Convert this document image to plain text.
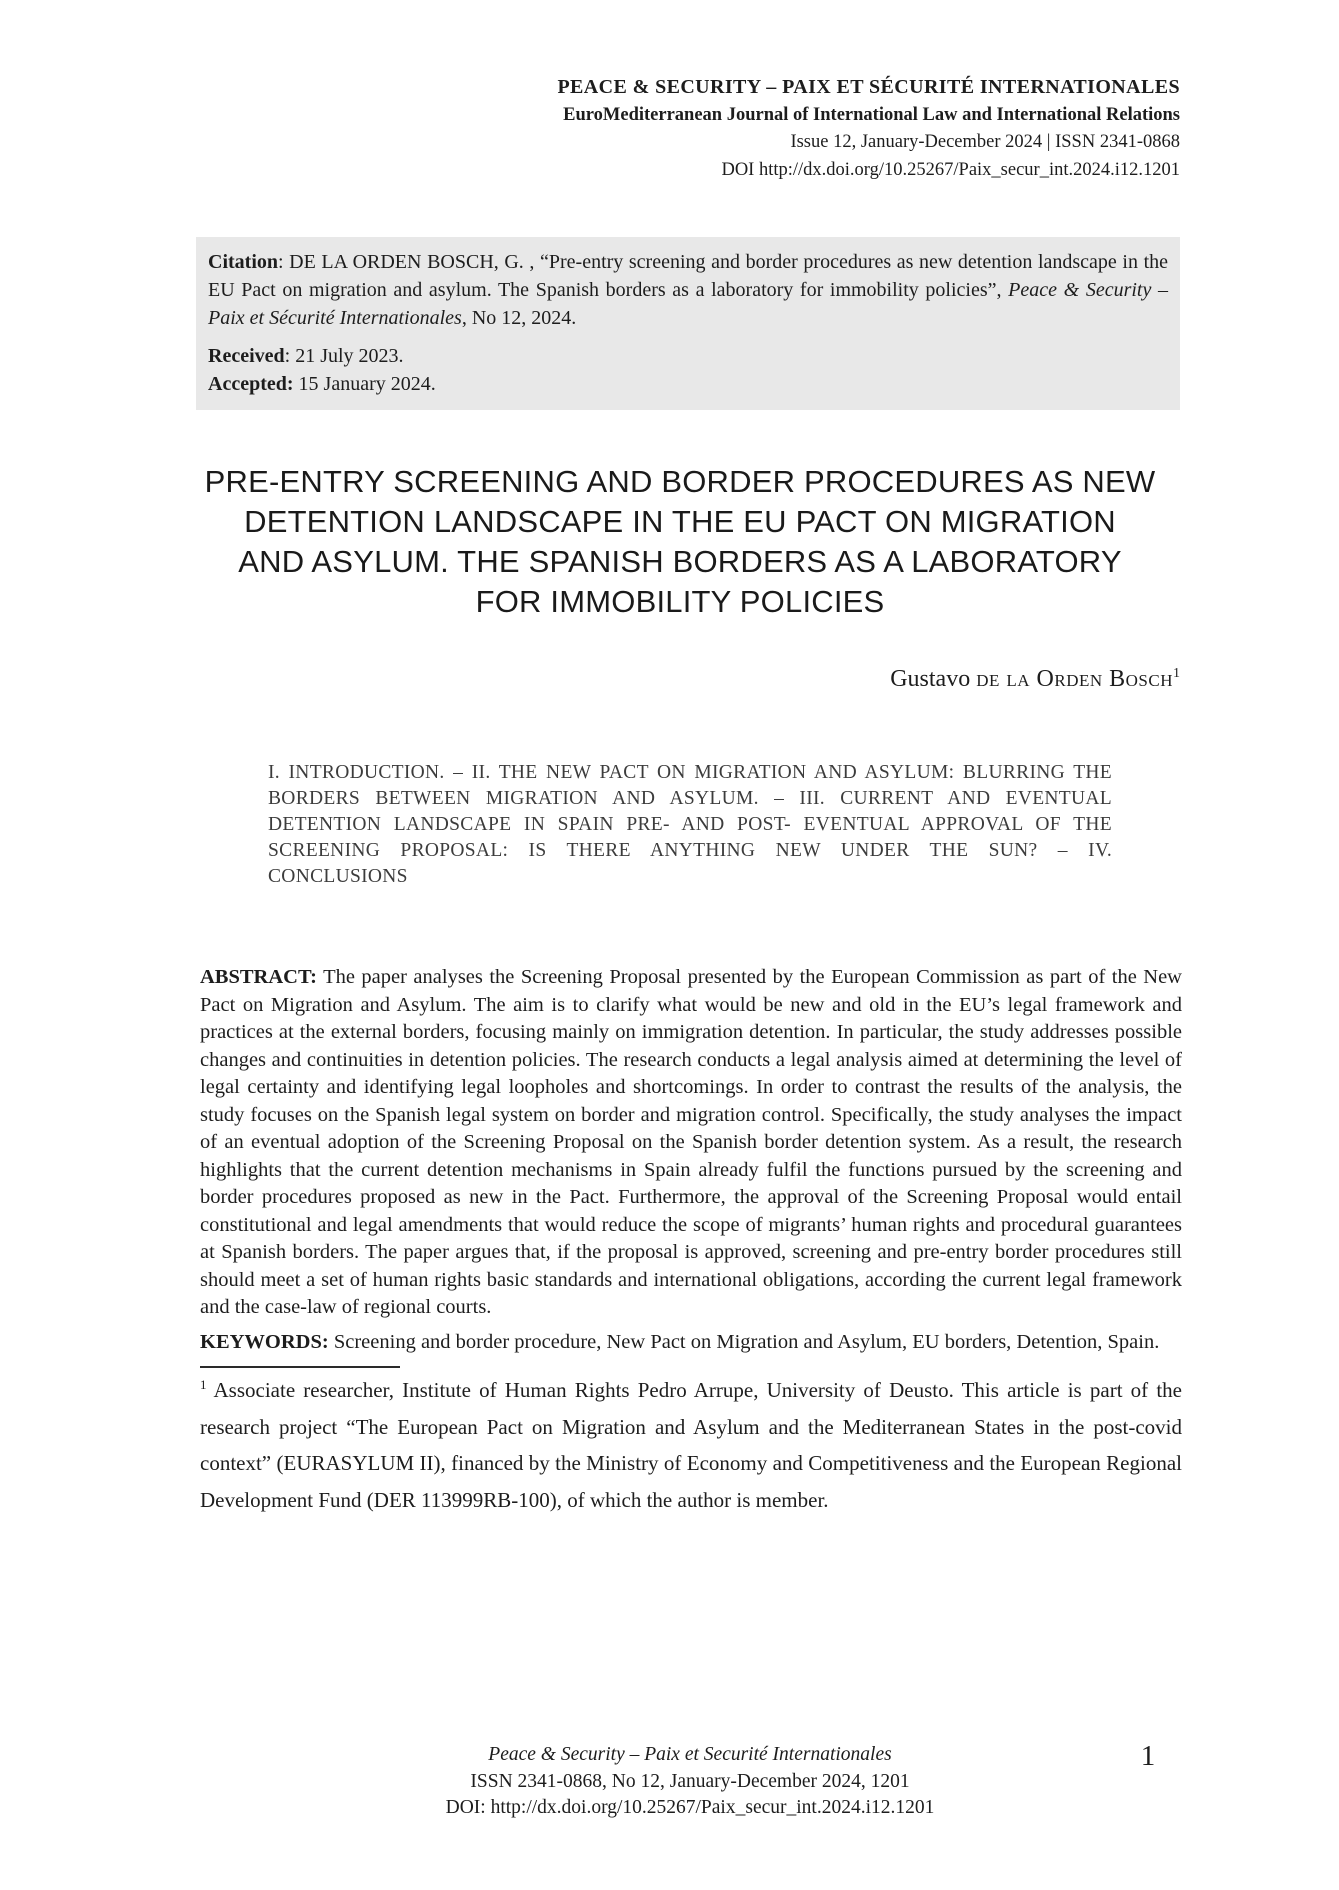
PEACE & SECURITY – PAIX ET SÉCURITÉ INTERNATIONALES
EuroMediterranean Journal of International Law and International Relations
Issue 12, January-December 2024 | ISSN 2341-0868
DOI http://dx.doi.org/10.25267/Paix_secur_int.2024.i12.1201

Citation: DE LA ORDEN BOSCH, G. , “Pre-entry screening and border procedures as new detention landscape in the EU Pact on migration and asylum. The Spanish borders as a laboratory for immobility policies”, Peace & Security – Paix et Sécurité Internationales, No 12, 2024.

Received: 21 July 2023.

Accepted: 15 January 2024.

PRE-ENTRY SCREENING AND BORDER PROCEDURES AS NEW
DETENTION LANDSCAPE IN THE EU PACT ON MIGRATION
AND ASYLUM. THE SPANISH BORDERS AS A LABORATORY
FOR IMMOBILITY POLICIES
Gustavo de la Orden Bosch$^1$

I. INTRODUCTION. – II. THE NEW PACT ON MIGRATION AND ASYLUM: BLURRING THE BORDERS BETWEEN MIGRATION AND ASYLUM. – III. CURRENT AND EVENTUAL DETENTION LANDSCAPE IN SPAIN PRE- AND POST- EVENTUAL APPROVAL OF THE SCREENING PROPOSAL: IS THERE ANYTHING NEW UNDER THE SUN? – IV. CONCLUSIONS

ABSTRACT: The paper analyses the Screening Proposal presented by the European Commission as part of the New Pact on Migration and Asylum. The aim is to clarify what would be new and old in the EU’s legal framework and practices at the external borders, focusing mainly on immigration detention. In particular, the study addresses possible changes and continuities in detention policies. The research conducts a legal analysis aimed at determining the level of legal certainty and identifying legal loopholes and shortcomings. In order to contrast the results of the analysis, the study focuses on the Spanish legal system on border and migration control. Specifically, the study analyses the impact of an eventual adoption of the Screening Proposal on the Spanish border detention system. As a result, the research highlights that the current detention mechanisms in Spain already fulfil the functions pursued by the screening and border procedures proposed as new in the Pact. Furthermore, the approval of the Screening Proposal would entail constitutional and legal amendments that would reduce the scope of migrants’ human rights and procedural guarantees at Spanish borders. The paper argues that, if the proposal is approved, screening and pre-entry border procedures still should meet a set of human rights basic standards and international obligations, according the current legal framework and the case-law of regional courts.

KEYWORDS: Screening and border procedure, New Pact on Migration and Asylum, EU borders, Detention, Spain.

$^1$ Associate researcher, Institute of Human Rights Pedro Arrupe, University of Deusto. This article is part of the research project “The European Pact on Migration and Asylum and the Mediterranean States in the post-covid context” (EURASYLUM II), financed by the Ministry of Economy and Competitiveness and the European Regional Development Fund (DER 113999RB-100), of which the author is member.

Peace & Security – Paix et Securité Internationales
ISSN 2341-0868, No 12, January-December 2024, 1201
DOI: http://dx.doi.org/10.25267/Paix_secur_int.2024.i12.1201
1
